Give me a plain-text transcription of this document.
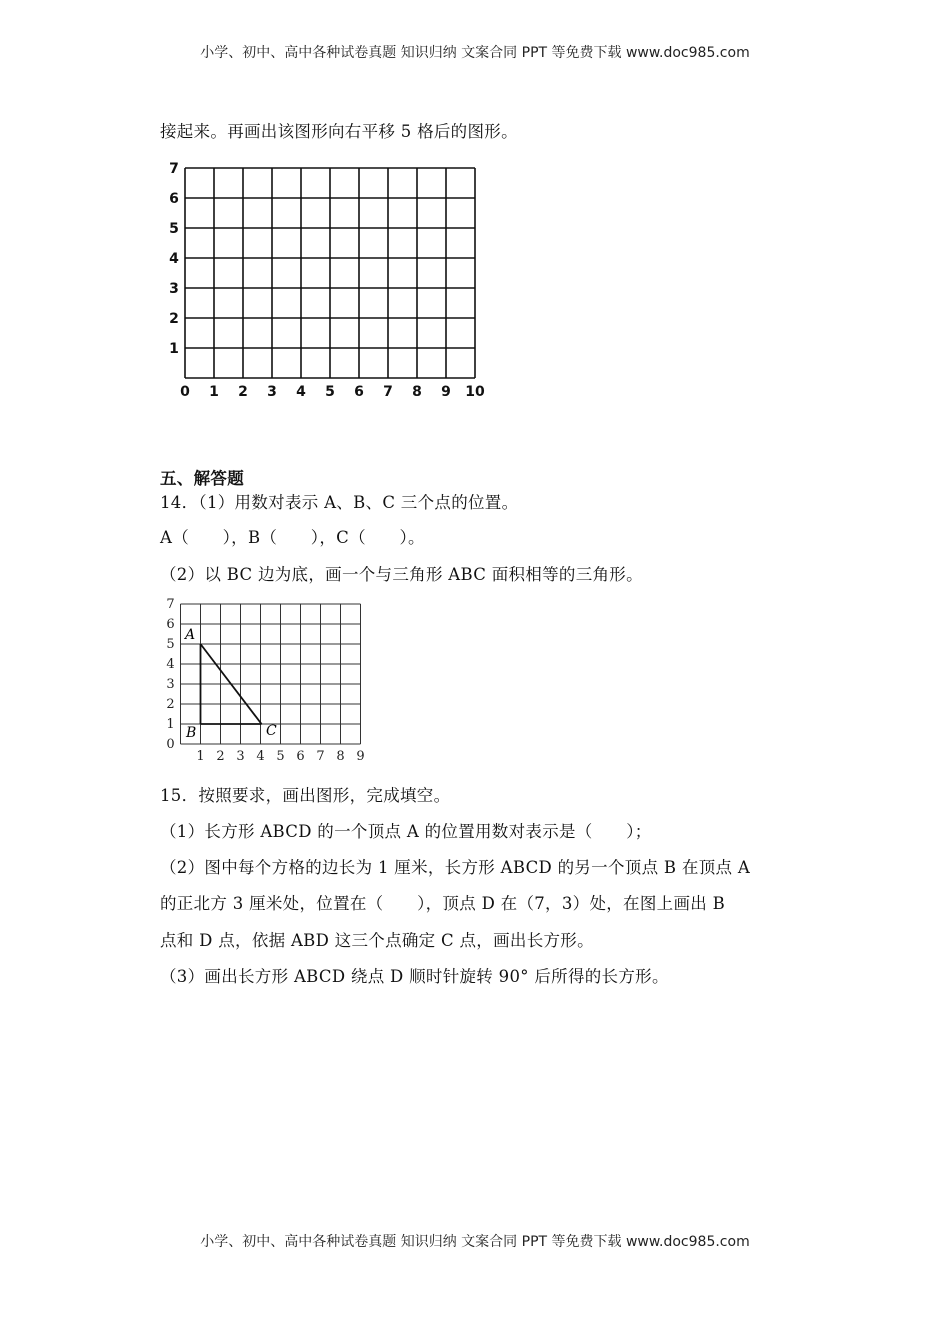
小学、初中、高中各种试卷真题 知识归纳 文案合同 PPT 等免费下载 www.doc985.com
接起来。再画出该图形向右平移 5 格后的图形。
0 1 2 3 4 5 6 7 8 9 10
1
2
3
4
5
6
7
五、解答题
14．（1）用数对表示 A、B、C 三个点的位置。
A（　　），B（　　），C（　　）。
（2）以 BC 边为底，画一个与三角形 ABC 面积相等的三角形。
1 2 3 4 5 6 7 8 9
0
1
2
3
4
5
6
7
A
B	C
15．按照要求，画出图形，完成填空。
（1）长方形 ABCD 的一个顶点 A 的位置用数对表示是（　　）；
（2）图中每个方格的边长为 1 厘米，长方形 ABCD 的另一个顶点 B 在顶点 A
的正北方 3 厘米处，位置在（　　），顶点 D 在（7，3）处，在图上画出 B
点和 D 点，依据 ABD 这三个点确定 C 点，画出长方形。
（3）画出长方形 ABCD 绕点 D 顺时针旋转 90° 后所得的长方形。
小学、初中、高中各种试卷真题 知识归纳 文案合同 PPT 等免费下载 www.doc985.com
